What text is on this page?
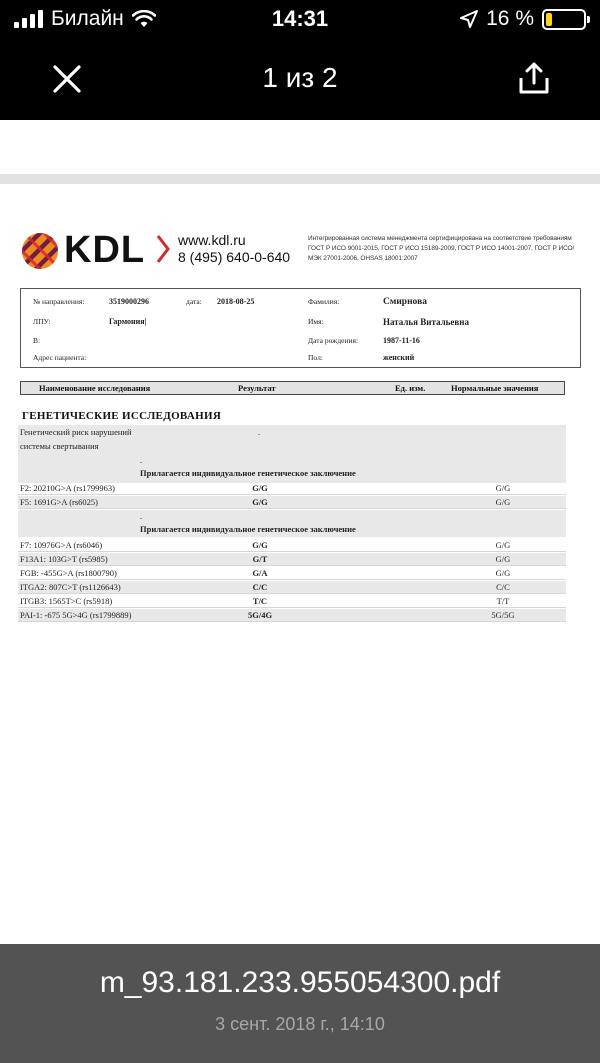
Билайн	14:31	16 %
1 из 2
KDL www.kdl.ru
8 (495) 640-0-640
Интегрированная система менеджмента сертифицирована на соответствие требованиям ГОСТ Р ИСО 9001-2015, ГОСТ Р ИСО 15189-2009, ГОСТ Р ИСО 14001-2007, ГОСТ Р ИСО/МЭК 27001-2006, OHSAS 18001:2007
№ направления:	3519000296	дата: 2018-08-25
ЛПУ:	Гармония|
В:
Адрес пациента:
Фамилия:	Смирнова
Имя:	Наталья Витальевна
Дата рождения:	1987-11-16
Пол:	женский
Наименование исследования	Результат	Ед. изм.	Нормальные значения
ГЕНЕТИЧЕСКИЕ ИССЛЕДОВАНИЯ
Генетический риск нарушений
системы свертывания
.
.
Прилагается индивидуальное генетическое заключение
F2: 20210G>A (rs1799963)	G/G	G/G
F5: 1691G>A (rs6025)	G/G	G/G
.
Прилагается индивидуальное генетическое заключение
F7: 10976G>A (rs6046)	G/G	G/G
F13A1: 103G>T (rs5985)	G/T	G/G
FGB: -455G>A (rs1800790)	G/A	G/G
ITGA2: 807C>T (rs1126643)	C/C	C/C
ITGB3: 1565T>C (rs5918)	T/C	T/T
PAI-1: -675 5G>4G (rs1799889)	5G/4G	5G/5G
m_93.181.233.955054300.pdf
3 сент. 2018 г., 14:10
